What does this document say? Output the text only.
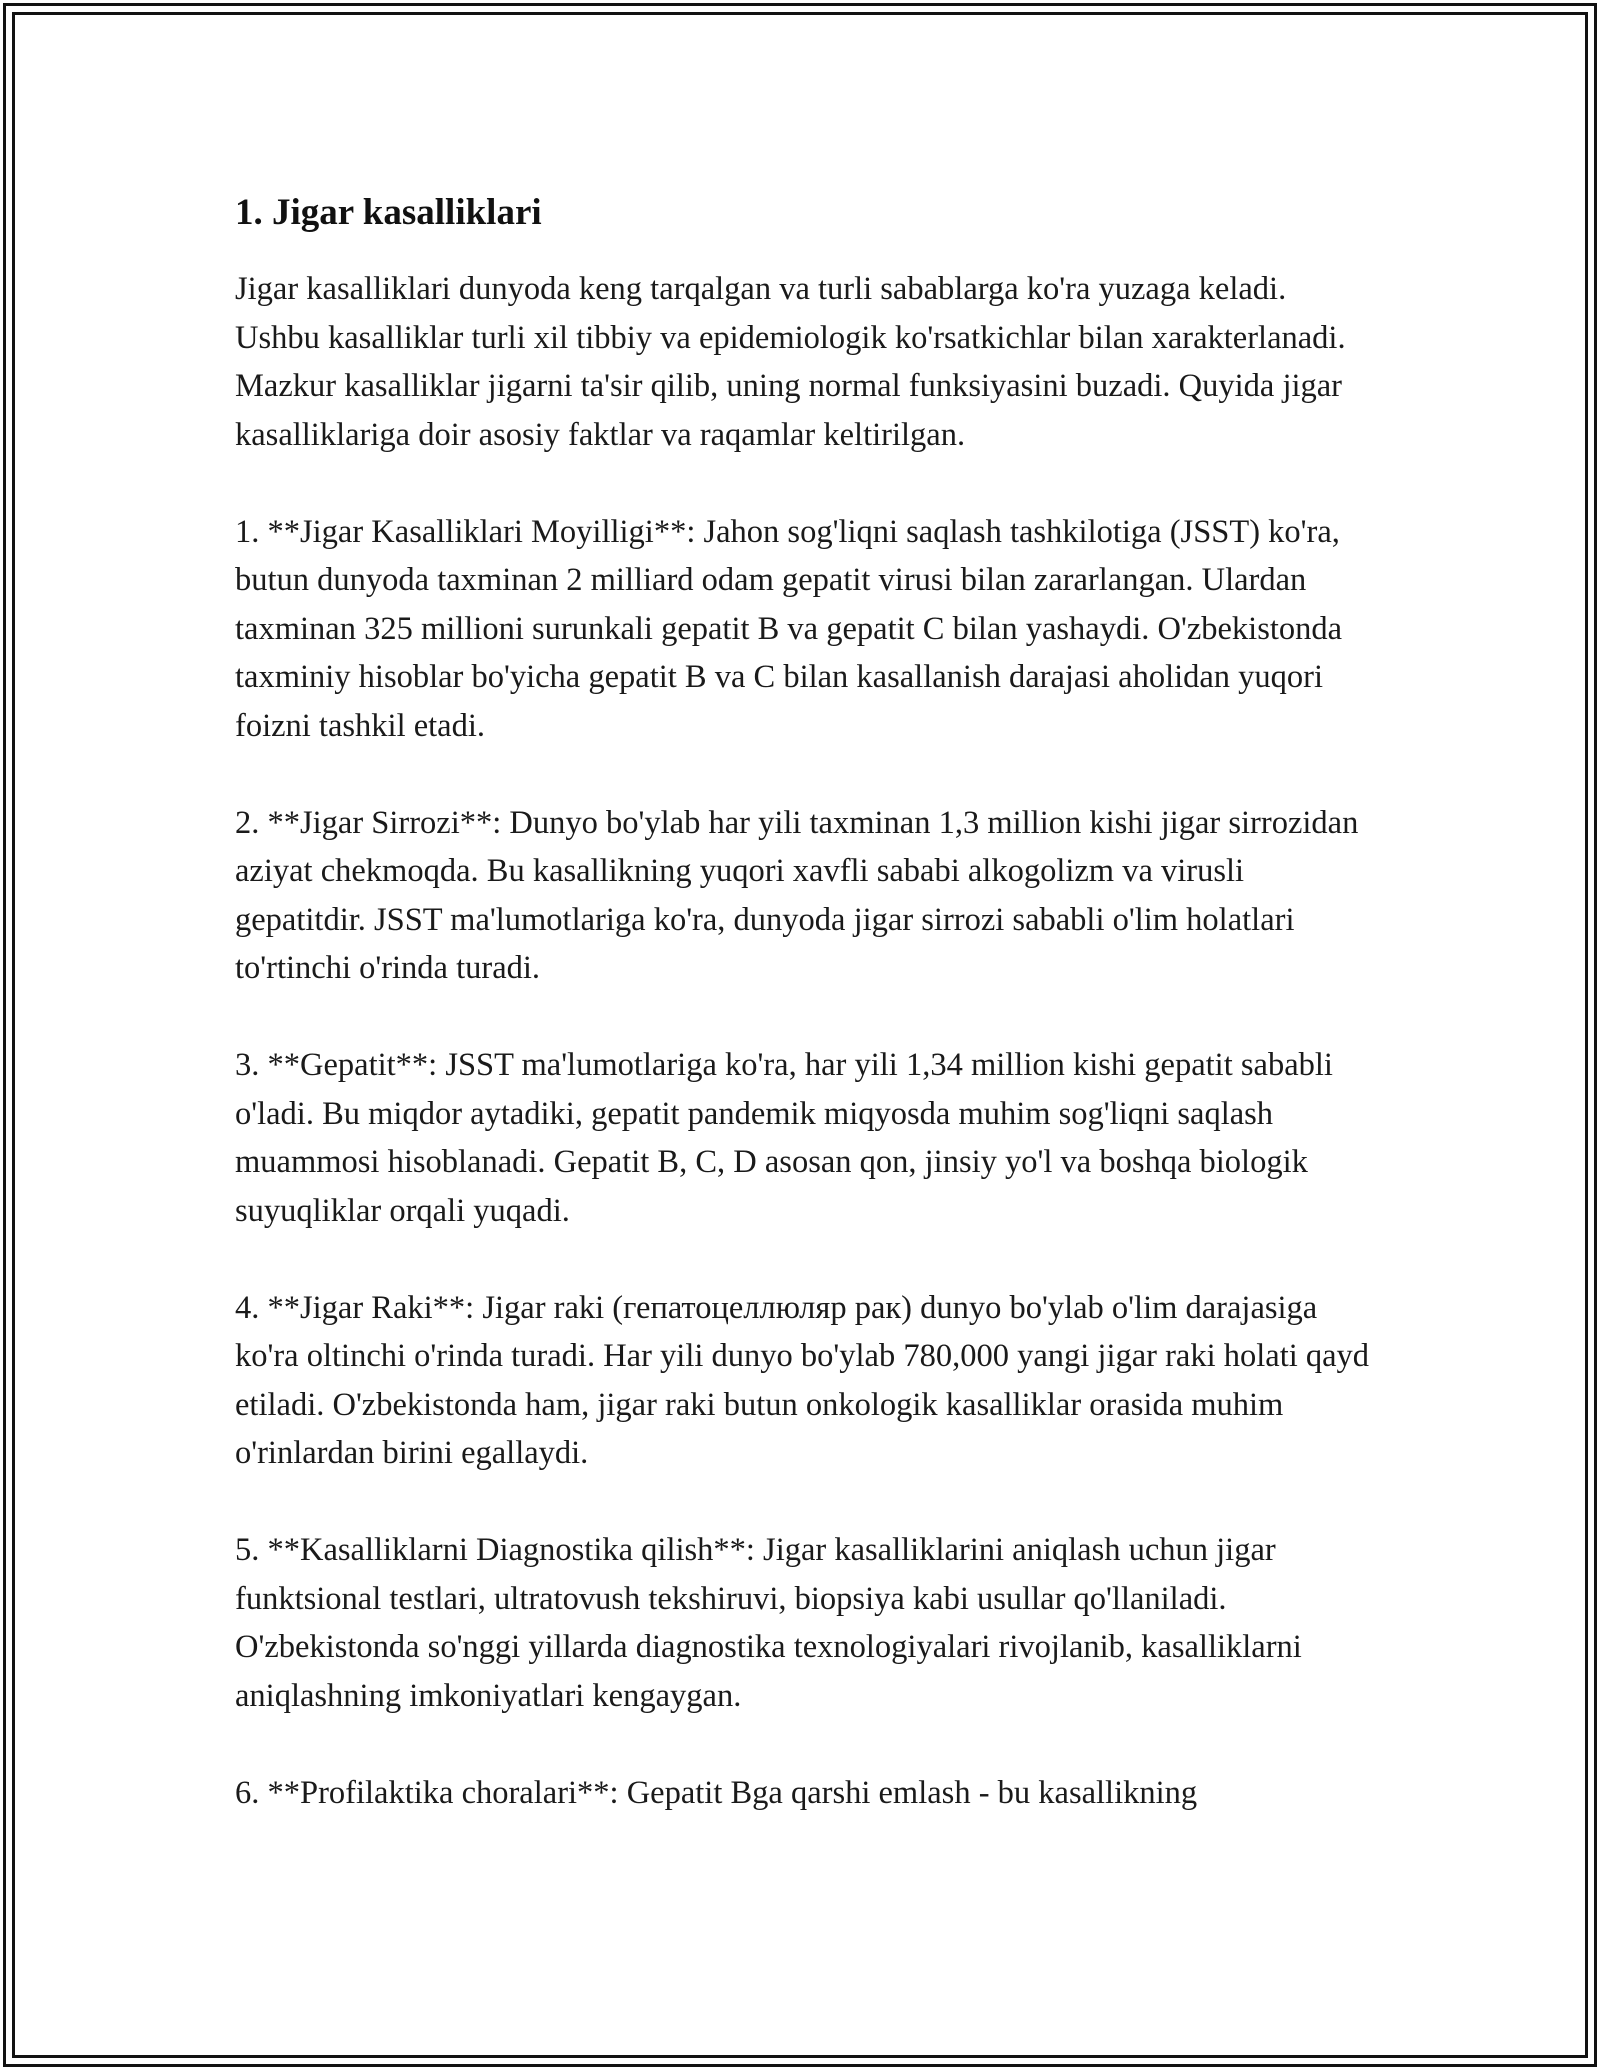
1. Jigar kasalliklari

Jigar kasalliklari dunyoda keng tarqalgan va turli sabablarga ko'ra yuzaga keladi. Ushbu kasalliklar turli xil tibbiy va epidemiologik ko'rsatkichlar bilan xarakterlanadi. Mazkur kasalliklar jigarni ta'sir qilib, uning normal funksiyasini buzadi. Quyida jigar kasalliklariga doir asosiy faktlar va raqamlar keltirilgan.

1. **Jigar Kasalliklari Moyilligi**: Jahon sog'liqni saqlash tashkilotiga (JSST) ko'ra, butun dunyoda taxminan 2 milliard odam gepatit virusi bilan zararlangan. Ulardan taxminan 325 millioni surunkali gepatit B va gepatit C bilan yashaydi. O'zbekistonda taxminiy hisoblar bo'yicha gepatit B va C bilan kasallanish darajasi aholidan yuqori foizni tashkil etadi.

2. **Jigar Sirrozi**: Dunyo bo'ylab har yili taxminan 1,3 million kishi jigar sirrozidan aziyat chekmoqda. Bu kasallikning yuqori xavfli sababi alkogolizm va virusli gepatitdir. JSST ma'lumotlariga ko'ra, dunyoda jigar sirrozi sababli o'lim holatlari to'rtinchi o'rinda turadi.

3. **Gepatit**: JSST ma'lumotlariga ko'ra, har yili 1,34 million kishi gepatit sababli o'ladi. Bu miqdor aytadiki, gepatit pandemik miqyosda muhim sog'liqni saqlash muammosi hisoblanadi. Gepatit B, C, D asosan qon, jinsiy yo'l va boshqa biologik suyuqliklar orqali yuqadi.

4. **Jigar Raki**: Jigar raki (гепатоцеллюляр рак) dunyo bo'ylab o'lim darajasiga ko'ra oltinchi o'rinda turadi. Har yili dunyo bo'ylab 780,000 yangi jigar raki holati qayd etiladi. O'zbekistonda ham, jigar raki butun onkologik kasalliklar orasida muhim o'rinlardan birini egallaydi.

5. **Kasalliklarni Diagnostika qilish**: Jigar kasalliklarini aniqlash uchun jigar funktsional testlari, ultratovush tekshiruvi, biopsiya kabi usullar qo'llaniladi. O'zbekistonda so'nggi yillarda diagnostika texnologiyalari rivojlanib, kasalliklarni aniqlashning imkoniyatlari kengaygan.

6. **Profilaktika choralari**: Gepatit Bga qarshi emlash - bu kasallikning
